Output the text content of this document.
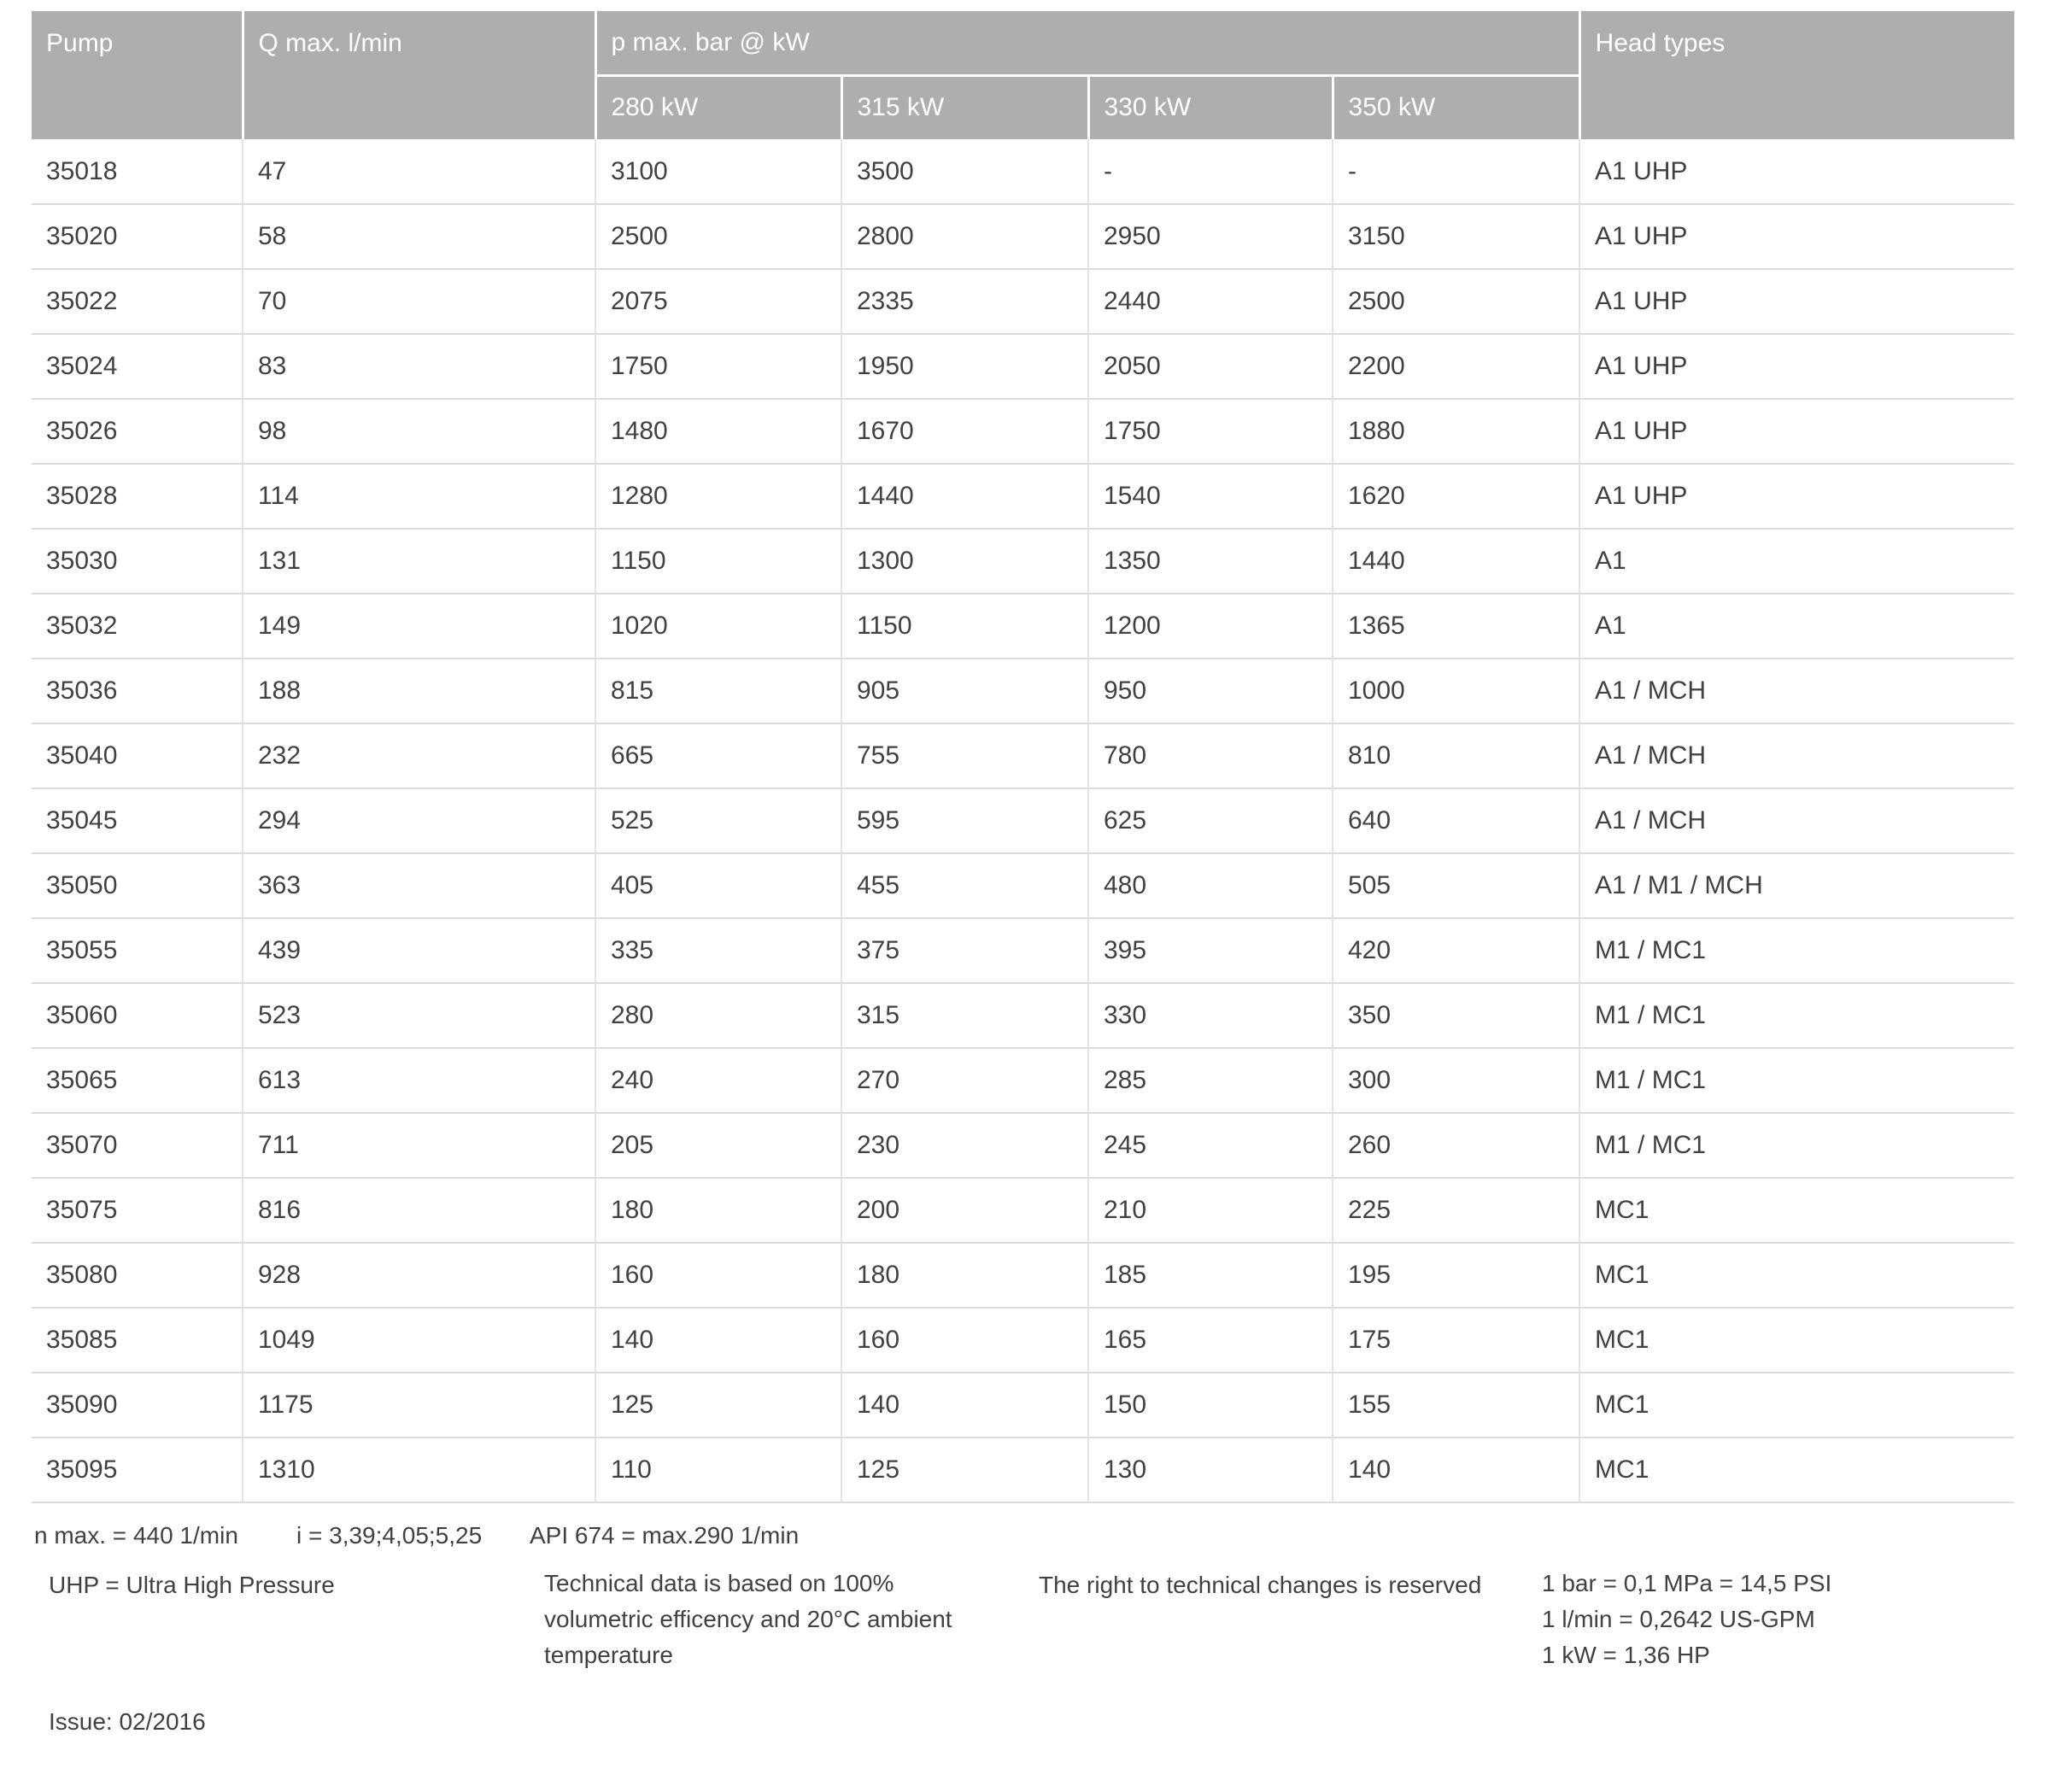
Pump	Q max. l/min	p max. bar @ kW				Head types
		280 kW	315 kW	330 kW	350 kW	
35018	47	3100	3500	-	-	A1 UHP
35020	58	2500	2800	2950	3150	A1 UHP
35022	70	2075	2335	2440	2500	A1 UHP
35024	83	1750	1950	2050	2200	A1 UHP
35026	98	1480	1670	1750	1880	A1 UHP
35028	114	1280	1440	1540	1620	A1 UHP
35030	131	1150	1300	1350	1440	A1
35032	149	1020	1150	1200	1365	A1
35036	188	815	905	950	1000	A1 / MCH
35040	232	665	755	780	810	A1 / MCH
35045	294	525	595	625	640	A1 / MCH
35050	363	405	455	480	505	A1 / M1 / MCH
35055	439	335	375	395	420	M1 / MC1
35060	523	280	315	330	350	M1 / MC1
35065	613	240	270	285	300	M1 / MC1
35070	711	205	230	245	260	M1 / MC1
35075	816	180	200	210	225	MC1
35080	928	160	180	185	195	MC1
35085	1049	140	160	165	175	MC1
35090	1175	125	140	150	155	MC1
35095	1310	110	125	130	140	MC1
n max. = 440 1/min i = 3,39;4,05;5,25 API 674 = max.290 1/min
UHP = Ultra High Pressure	Technical data is based on 100%
volumetric efficency and 20°C ambient
temperature
The right to technical changes is reserved	1 bar = 0,1 MPa = 14,5 PSI
1 l/min = 0,2642 US-GPM
1 kW = 1,36 HP
Issue: 02/2016
